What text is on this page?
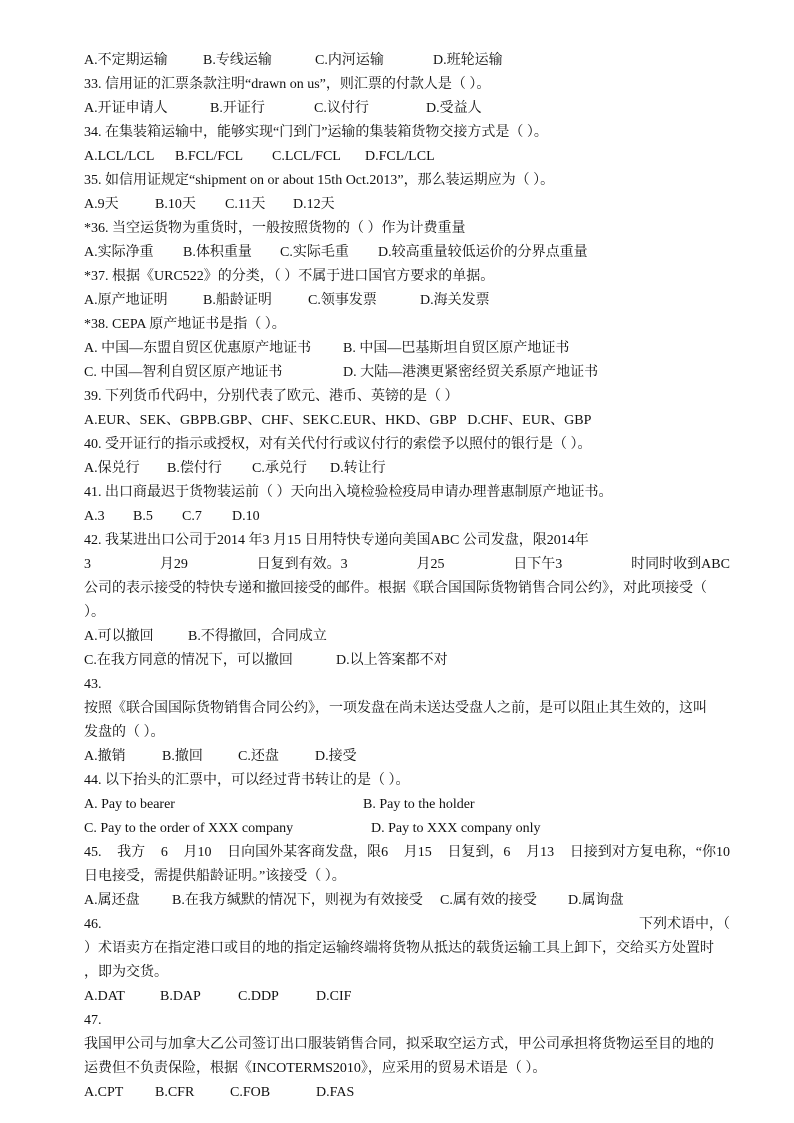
A.不定期运输	B.专线运输	C.内河运输	D.班轮运输
33. 信用证的汇票条款注明“drawn on us”，则汇票的付款人是（ ）。
A.开证申请人	B.开证行	C.议付行	D.受益人
34. 在集装箱运输中，能够实现“门到门”运输的集装箱货物交接方式是（ ）。
A.LCL/LCL	B.FCL/FCL	C.LCL/FCL	D.FCL/LCL
35. 如信用证规定“shipment on or about 15th Oct.2013”，那么装运期应为（ ）。
A.9天	B.10天	C.11天	D.12天
*36. 当空运货物为重货时，一般按照货物的（ ）作为计费重量
A.实际净重	B.体积重量	C.实际毛重	D.较高重量较低运价的分界点重量
*37. 根据《URC522》的分类，（ ）不属于进口国官方要求的单据。
A.原产地证明	B.船龄证明	C.领事发票	D.海关发票
*38. CEPA 原产地证书是指（ ）。
A. 中国—东盟自贸区优惠原产地证书	B. 中国—巴基斯坦自贸区原产地证书
C. 中国—智利自贸区原产地证书	D. 大陆—港澳更紧密经贸关系原产地证书
39. 下列货币代码中，分别代表了欧元、港币、英镑的是（ ）
A.EUR、SEK、GBP B.GBP、CHF、SEK C.EUR、HKD、GBP D.CHF、EUR、GBP
40. 受开证行的指示或授权，对有关代付行或议付行的索偿予以照付的银行是（ ）。
A.保兑行	B.偿付行	C.承兑行	D.转让行
41. 出口商最迟于货物装运前（ ）天向出入境检验检疫局申请办理普惠制原产地证书。
A.3	B.5	C.7	D.10
42. 我某进出口公司于2014 年3 月15 日用特快专递向美国ABC 公司发盘，限2014年
3	月29	日复到有效。3	月25	日下午3	时同时收到ABC
公司的表示接受的特快专递和撤回接受的邮件。根据《联合国国际货物销售合同公约》，对此项接受（
）。
A.可以撤回	B.不得撤回，合同成立
C.在我方同意的情况下，可以撤回	D.以上答案都不对
43.
按照《联合国国际货物销售合同公约》，一项发盘在尚未送达受盘人之前，是可以阻止其生效的，这叫
发盘的（ ）。
A.撤销	B.撤回	C.还盘	D.接受
44. 以下抬头的汇票中，可以经过背书转让的是（ ）。
A. Pay to bearer	B. Pay to the holder
C. Pay to the order of XXX company	D. Pay to XXX company only
45. 我方 6 月10 日向国外某客商发盘，限6 月15 日复到，6 月13 日接到对方复电称，“你10
日电接受，需提供船龄证明。”该接受（ ）。
A.属还盘	B.在我方缄默的情况下，则视为有效接受	C.属有效的接受	D.属询盘
46.	下列术语中，（
）术语卖方在指定港口或目的地的指定运输终端将货物从抵达的载货运输工具上卸下，交给买方处置时
，即为交货。
A.DAT	B.DAP	C.DDP	D.CIF
47.
我国甲公司与加拿大乙公司签订出口服装销售合同，拟采取空运方式，甲公司承担将货物运至目的地的
运费但不负责保险，根据《INCOTERMS2010》，应采用的贸易术语是（ ）。
A.CPT	B.CFR	C.FOB	D.FAS
